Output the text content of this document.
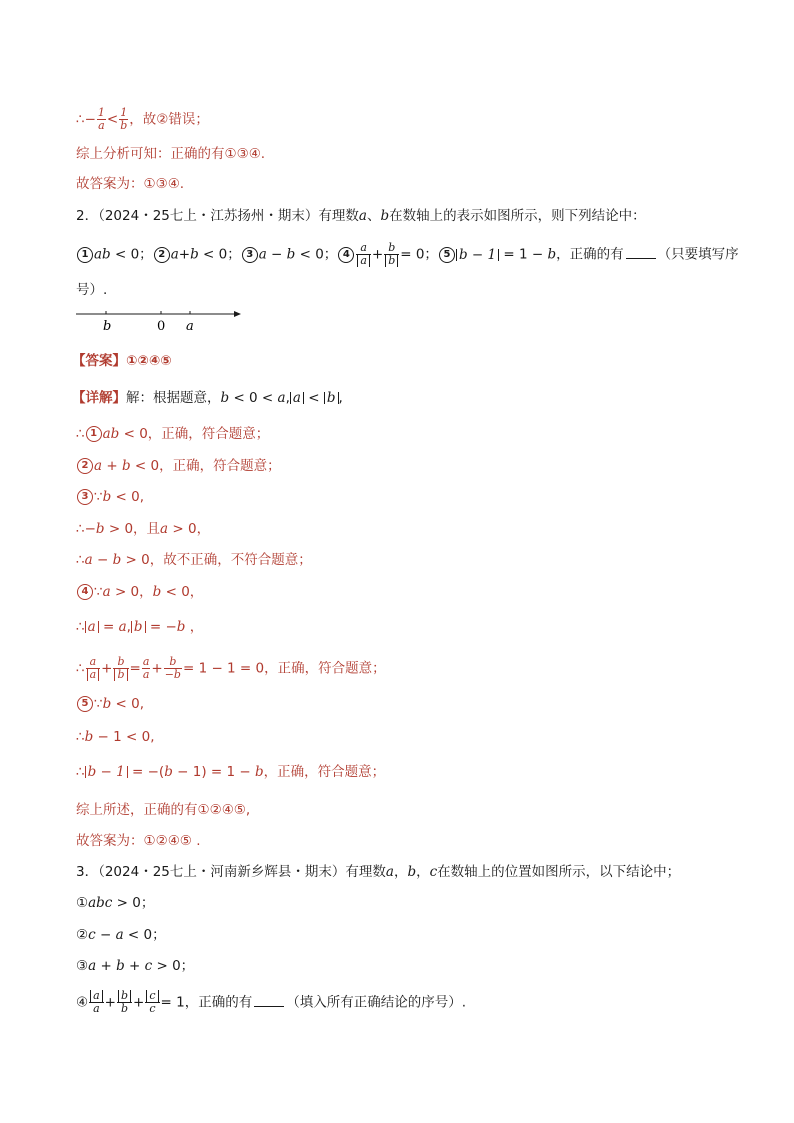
∴− $\frac{1}{a} < \frac{1}{b}$ ，故②错误；
综上分析可知：正确的有①③④.
故答案为：①③④.
2．（2024・25七上・江苏扬州・期末）有理数a、b在数轴上的表示如图所示，则下列结论中：
1 ab < 0； 2 a+b < 0； 3 a − b < 0； $4 \frac{a}{a} + \frac{b}{b} = 0$； 5 b − 1 = 1 − b，正确的有	（只要填写序
号）.
b	0 a
【答案】①②④⑤
【详解】解：根据题意，b < 0 < a, a < b ,
∴ 1 ab < 0，正确，符合题意；
2 a + b < 0，正确，符合题意；
3 ∵b < 0,
∴−b > 0，且a > 0，
∴a − b > 0，故不正确，不符合题意；
4 ∵a > 0，b < 0，
∴ a = a, b = −b ，
∴ $\frac{a}{a} + \frac{b}{b} = \frac{a}{a} + \frac{b}{-b} = 1 - 1 = 0$，正确，符合题意；
5 ∵b < 0,
∴b − 1 < 0,
∴ b − 1 = −(b − 1) = 1 − b，正确，符合题意；
综上所述，正确的有①②④⑤,
故答案为：①②④⑤ .
3．（2024・25七上・河南新乡辉县・期末）有理数a，b，c在数轴上的位置如图所示，以下结论中；
①abc > 0；
②c − a < 0；
③a + b + c > 0；
④ $\frac{a}{a} + \frac{b}{b} + \frac{c}{c} = 1$，正确的有	（填入所有正确结论的序号）.
